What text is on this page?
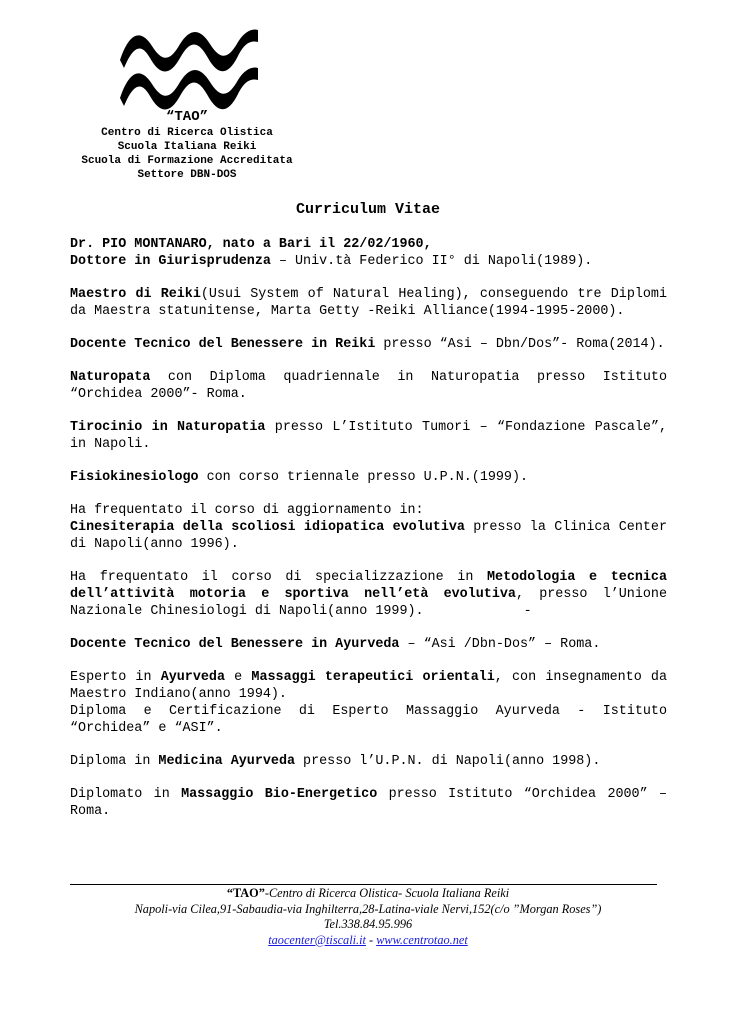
“TAO”
Centro di Ricerca Olistica
Scuola Italiana Reiki
Scuola di Formazione Accreditata
Settore DBN-DOS
Curriculum Vitae

Dr. PIO MONTANARO, nato a Bari il 22/02/1960,

Dottore in Giurisprudenza – Univ.tà Federico II° di Napoli(1989).

Maestro di Reiki(Usui System of Natural Healing), conseguendo tre Diplomi da Maestra statunitense, Marta Getty -Reiki Alliance(1994-1995-2000).

Docente Tecnico del Benessere in Reiki presso “Asi – Dbn/Dos”- Roma(2014).

Naturopata con Diploma quadriennale in Naturopatia presso Istituto “Orchidea 2000”- Roma.

Tirocinio in Naturopatia presso L’Istituto Tumori – “Fondazione Pascale”, in Napoli.

Fisiokinesiologo con corso triennale presso U.P.N.(1999).

Ha frequentato il corso di aggiornamento in:

Cinesiterapia della scoliosi idiopatica evolutiva presso la Clinica Center di Napoli(anno 1996).

Ha frequentato il corso di specializzazione in Metodologia e tecnica dell’attività motoria e sportiva nell’età evolutiva, presso l’Unione Nazionale Chinesiologi di Napoli(anno 1999).	-

Docente Tecnico del Benessere in Ayurveda – “Asi /Dbn-Dos” – Roma.

Esperto in Ayurveda e Massaggi terapeutici orientali, con insegnamento da Maestro Indiano(anno 1994).

Diploma e Certificazione di Esperto Massaggio Ayurveda - Istituto “Orchidea” e “ASI”.

Diploma in Medicina Ayurveda presso l’U.P.N. di Napoli(anno 1998).

Diplomato in Massaggio Bio-Energetico presso Istituto “Orchidea 2000” – Roma.

“TAO”-Centro di Ricerca Olistica- Scuola Italiana Reiki
Napoli-via Cilea,91-Sabaudia-via Inghilterra,28-Latina-viale Nervi,152(c/o ”Morgan Roses”)
Tel.338.84.95.996
taocenter@tiscali.it - www.centrotao.net
